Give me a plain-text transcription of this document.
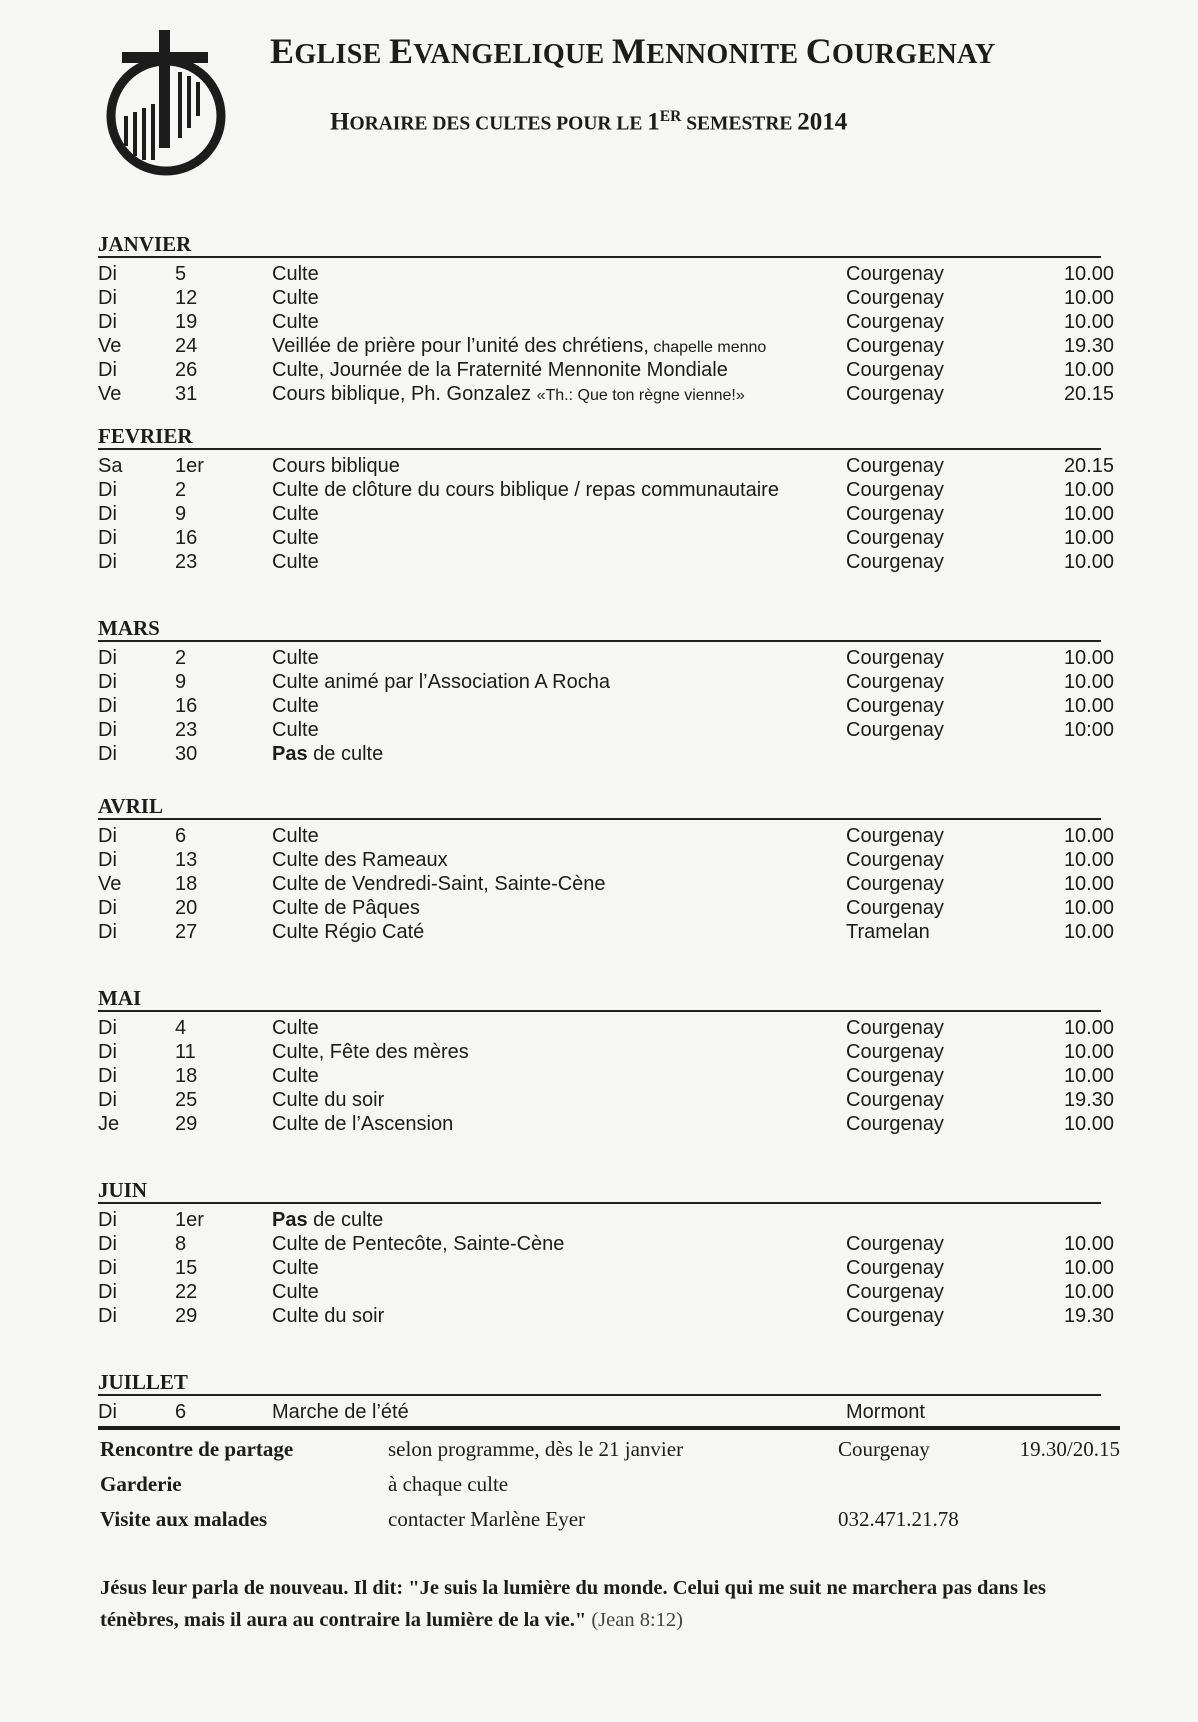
EGLISE EVANGELIQUE MENNONITE COURGENAY
HORAIRE DES CULTES POUR LE 1ER SEMESTRE 2014
JANVIER
Di	5	Culte	Courgenay	10.00
Di	12	Culte	Courgenay	10.00
Di	19	Culte	Courgenay	10.00
Ve	24	Veillée de prière pour l’unité des chrétiens, chapelle menno	Courgenay	19.30
Di	26	Culte, Journée de la Fraternité Mennonite Mondiale	Courgenay	10.00
Ve	31	Cours biblique, Ph. Gonzalez «Th.: Que ton règne vienne!»	Courgenay	20.15
FEVRIER
Sa	1er	Cours biblique	Courgenay	20.15
Di	2	Culte de clôture du cours biblique / repas communautaire	Courgenay	10.00
Di	9	Culte	Courgenay	10.00
Di	16	Culte	Courgenay	10.00
Di	23	Culte	Courgenay	10.00
MARS
Di	2	Culte	Courgenay	10.00
Di	9	Culte animé par l’Association A Rocha	Courgenay	10.00
Di	16	Culte	Courgenay	10.00
Di	23	Culte	Courgenay	10:00
Di	30	Pas de culte
AVRIL
Di	6	Culte	Courgenay	10.00
Di	13	Culte des Rameaux	Courgenay	10.00
Ve	18	Culte de Vendredi-Saint, Sainte-Cène	Courgenay	10.00
Di	20	Culte de Pâques	Courgenay	10.00
Di	27	Culte Régio Caté	Tramelan	10.00
MAI
Di	4	Culte	Courgenay	10.00
Di	11	Culte, Fête des mères	Courgenay	10.00
Di	18	Culte	Courgenay	10.00
Di	25	Culte du soir	Courgenay	19.30
Je	29	Culte de l’Ascension	Courgenay	10.00
JUIN
Di	1er	Pas de culte
Di	8	Culte de Pentecôte, Sainte-Cène	Courgenay	10.00
Di	15	Culte	Courgenay	10.00
Di	22	Culte	Courgenay	10.00
Di	29	Culte du soir	Courgenay	19.30
JUILLET
Di	6	Marche de l’été	Mormont
Rencontre de partage	selon programme, dès le 21 janvier	Courgenay	19.30/20.15
Garderie	à chaque culte
Visite aux malades	contacter Marlène Eyer	032.471.21.78
Jésus leur parla de nouveau. Il dit: "Je suis la lumière du monde. Celui qui me suit ne marchera pas dans les ténèbres, mais il aura au contraire la lumière de la vie." (Jean 8:12)
